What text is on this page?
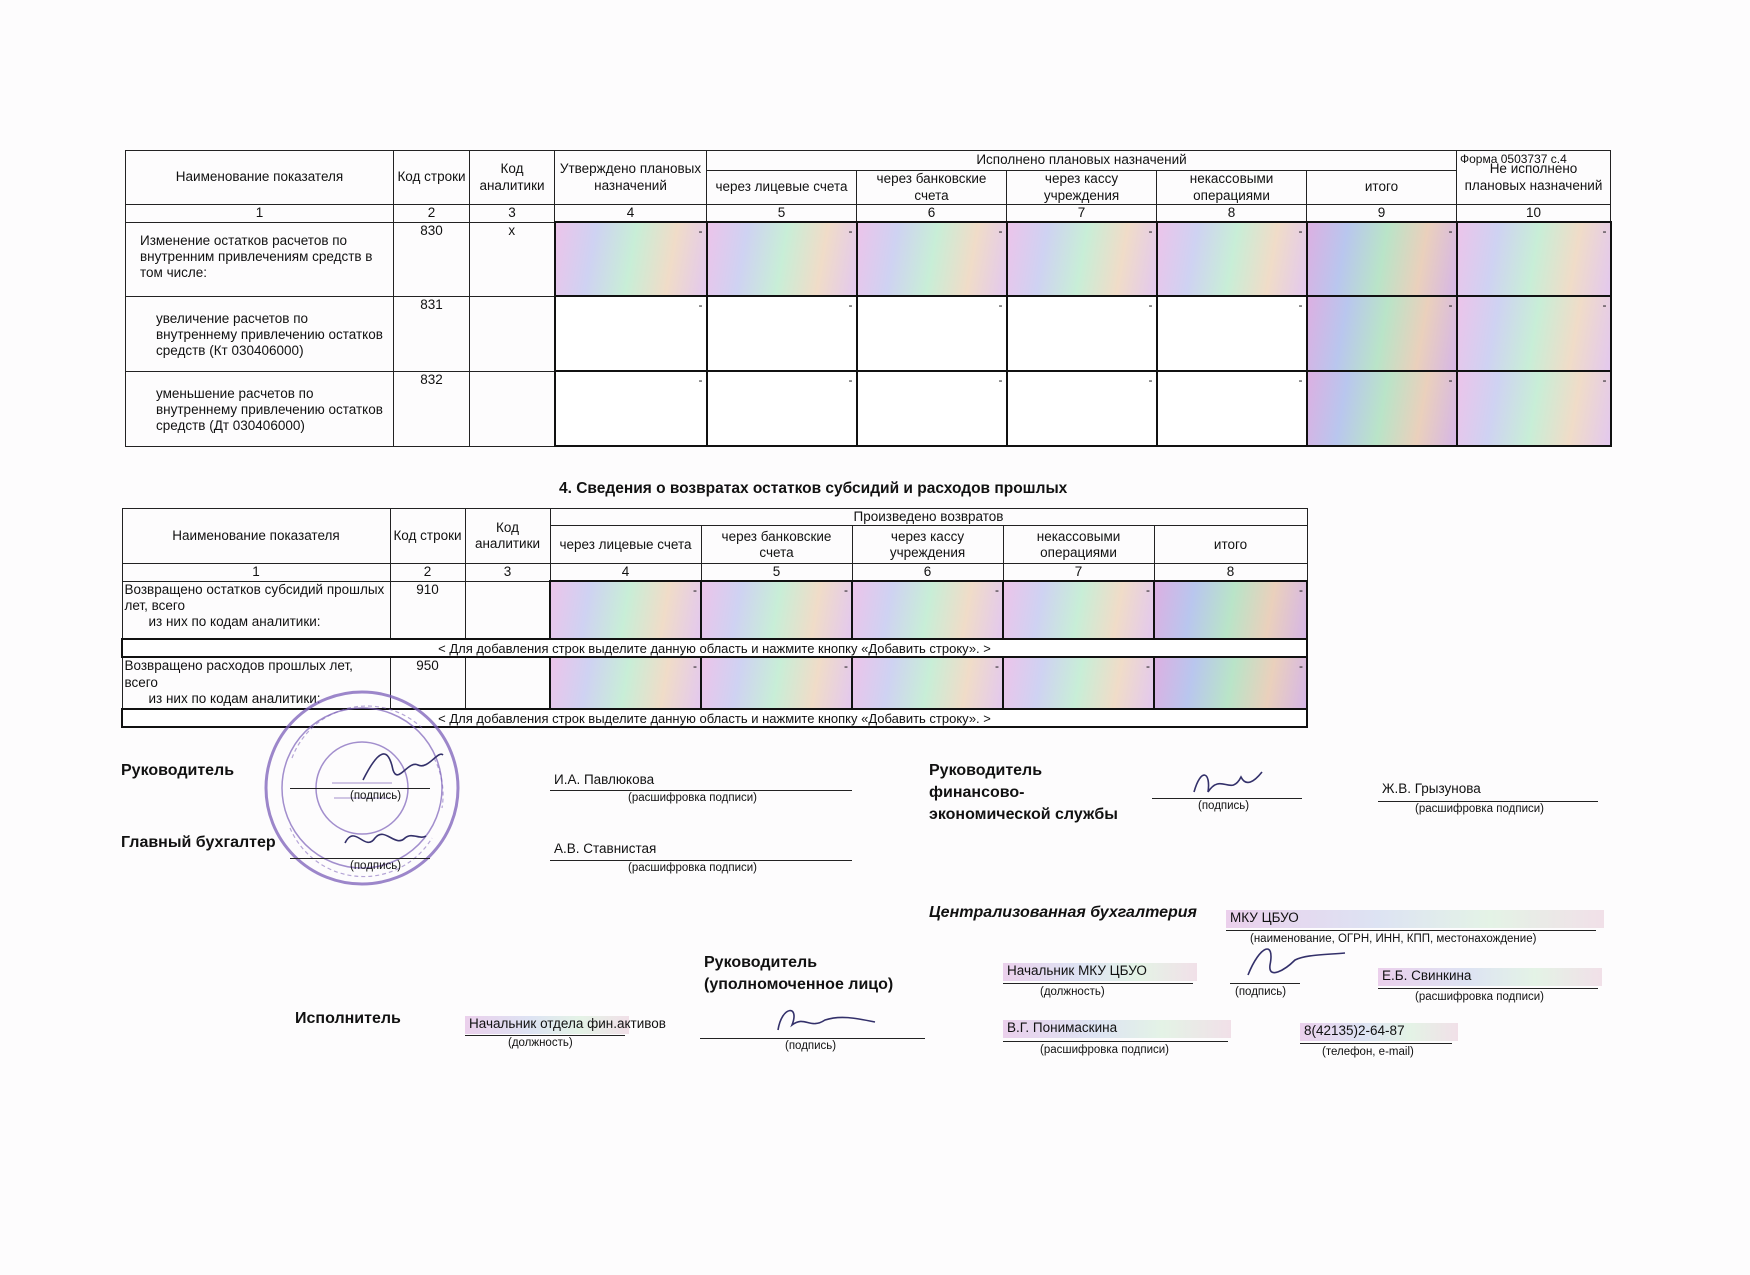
Форма 0503737 с.4
Наименование показателя	Код строки	Код аналитики	Утверждено плановых назначений	Исполнено плановых назначений					Не исполнено плановых назначений
				через лицевые счета	через банковские счета	через кассу учреждения	некассовыми операциями	итого	

1	2	3	4	5	6	7	8	9	10
Изменение остатков расчетов по внутренним привлечениям средств в том числе:	830	x	-	-	-	-	-	-	-

увеличение расчетов по внутреннему привлечению остатков средств (Кт 030406000)	831		-	-	-	-	-	-	-

уменьшение расчетов по внутреннему привлечению остатков средств (Дт 030406000)	832		-	-	-	-	-	-	-
4. Сведения о возвратах остатков субсидий и расходов прошлых
Наименование показателя	Код строки	Код аналитики	Произведено возвратов				
			через лицевые счета	через банковские счета	через кассу учреждения	некассовыми операциями	итого

1	2	3	4	5	6	7	8
Возвращено остатков субсидий прошлых лет, всего
из них по кодам аналитики:	910		-	-	-	-	-

< Для добавления строк выделите данную область и нажмите кнопку «Добавить строку». >							
Возвращено расходов прошлых лет, всего
из них по кодам аналитики:	950		-	-	-	-	-

< Для добавления строк выделите данную область и нажмите кнопку «Добавить строку». >							
Руководитель
(подпись)
И.А. Павлюкова
(расшифровка подписи)
Главный бухгалтер
(подпись)
А.В. Ставнистая
(расшифровка подписи)
Руководитель
финансово-
экономической службы	(подпись)
Ж.В. Грызунова
(расшифровка подписи)
Централизованная бухгалтерия МКУ ЦБУО
(наименование, ОГРН, ИНН, КПП, местонахождение)
Руководитель
(уполномоченное лицо)
Начальник МКУ ЦБУО
(должность)	(подпись)
Е.Б. Свинкина
(расшифровка подписи)
Исполнитель	Начальник отдела фин.активов
(должность)	(подпись)
В.Г. Понимаскина
(расшифровка подписи)
8(42135)2-64-87
(телефон, e-mail)
